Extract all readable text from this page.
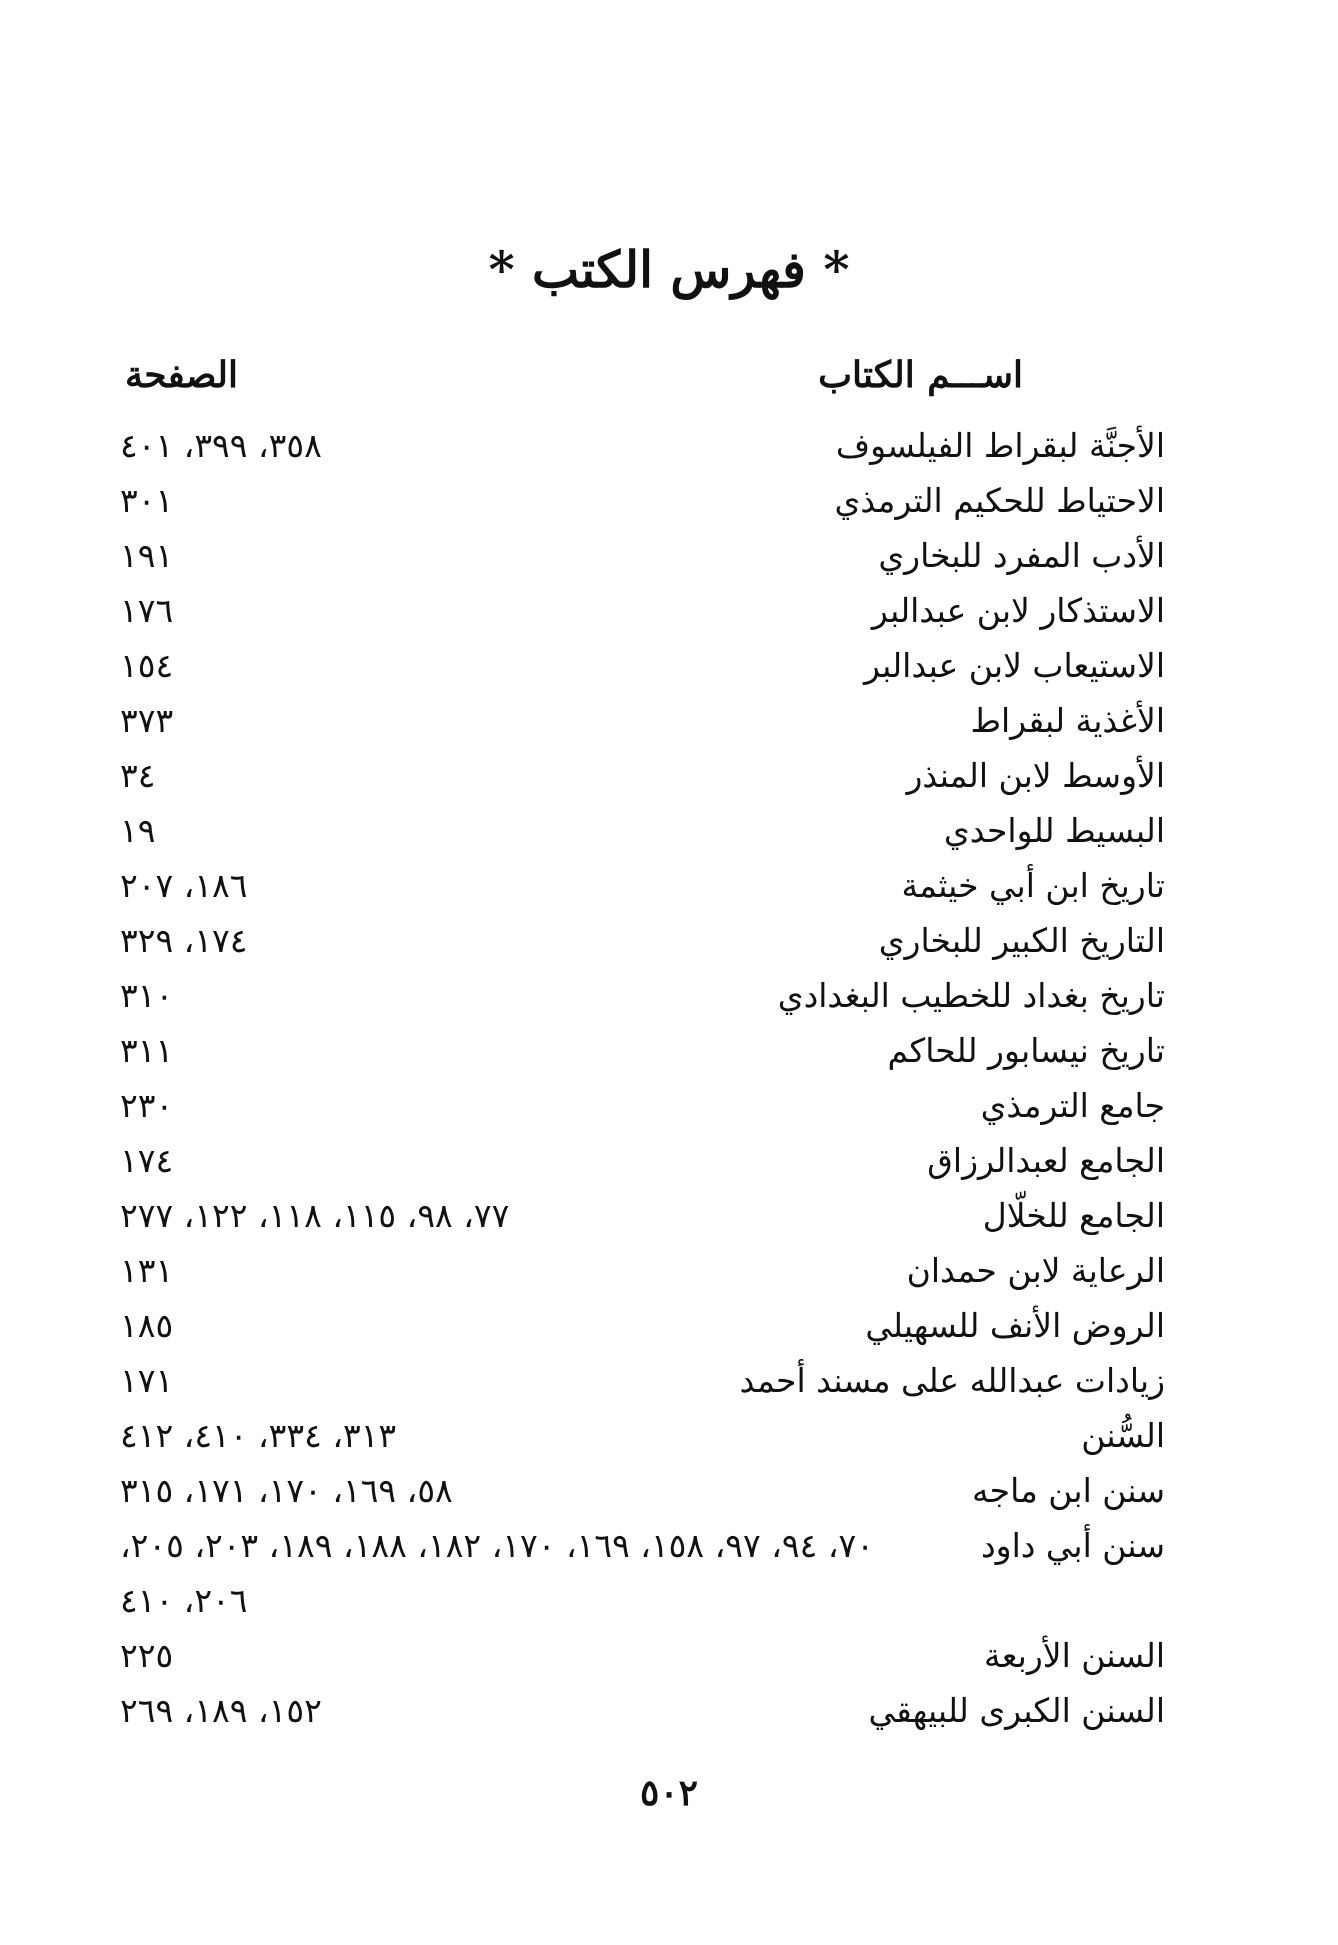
* فهرس الكتب *
اســـم الكتاب
الصفحة
الأجنَّة لبقراط الفيلسوف
٣٥٨، ٣٩٩، ٤٠١
الاحتياط للحكيم الترمذي
٣٠١
الأدب المفرد للبخاري
١٩١
الاستذكار لابن عبدالبر
١٧٦
الاستيعاب لابن عبدالبر
١٥٤
الأغذية لبقراط
٣٧٣
الأوسط لابن المنذر
٣٤
البسيط للواحدي
١٩
تاريخ ابن أبي خيثمة
١٨٦، ٢٠٧
التاريخ الكبير للبخاري
١٧٤، ٣٢٩
تاريخ بغداد للخطيب البغدادي
٣١٠
تاريخ نيسابور للحاكم
٣١١
جامع الترمذي
٢٣٠
الجامع لعبدالرزاق
١٧٤
الجامع للخلّال
٧٧، ٩٨، ١١٥، ١١٨، ١٢٢، ٢٧٧
الرعاية لابن حمدان
١٣١
الروض الأنف للسهيلي
١٨٥
زيادات عبدالله على مسند أحمد
١٧١
السُّنن
٣١٣، ٣٣٤، ٤١٠، ٤١٢
سنن ابن ماجه
٥٨، ١٦٩، ١٧٠، ١٧١، ٣١٥
سنن أبي داود
٧٠، ٩٤، ٩٧، ١٥٨، ١٦٩، ١٧٠، ١٨٢، ١٨٨، ١٨٩، ٢٠٣، ٢٠٥،
٢٠٦، ٤١٠
السنن الأربعة
٢٢٥
السنن الكبرى للبيهقي
١٥٢، ١٨٩، ٢٦٩
٥٠٢
